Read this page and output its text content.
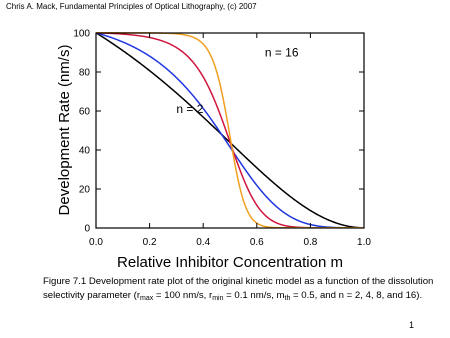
Chris A. Mack, Fundamental Principles of Optical Lithography, (c) 2007
0.0	0.2	0.4	0.6	0.8	1.0
0
20
40
60
80
100
n = 16
n = 2
Relative Inhibitor Concentration m
Development Rate (nm/s)
Figure 7.1 Development rate plot of the original kinetic model as a function of the dissolution selectivity parameter ($r_{max} = 100$ nm/s, $r_{min} = 0.1$ nm/s, $m_{th} = 0.5$, and n = 2, 4, 8, and 16).
1
